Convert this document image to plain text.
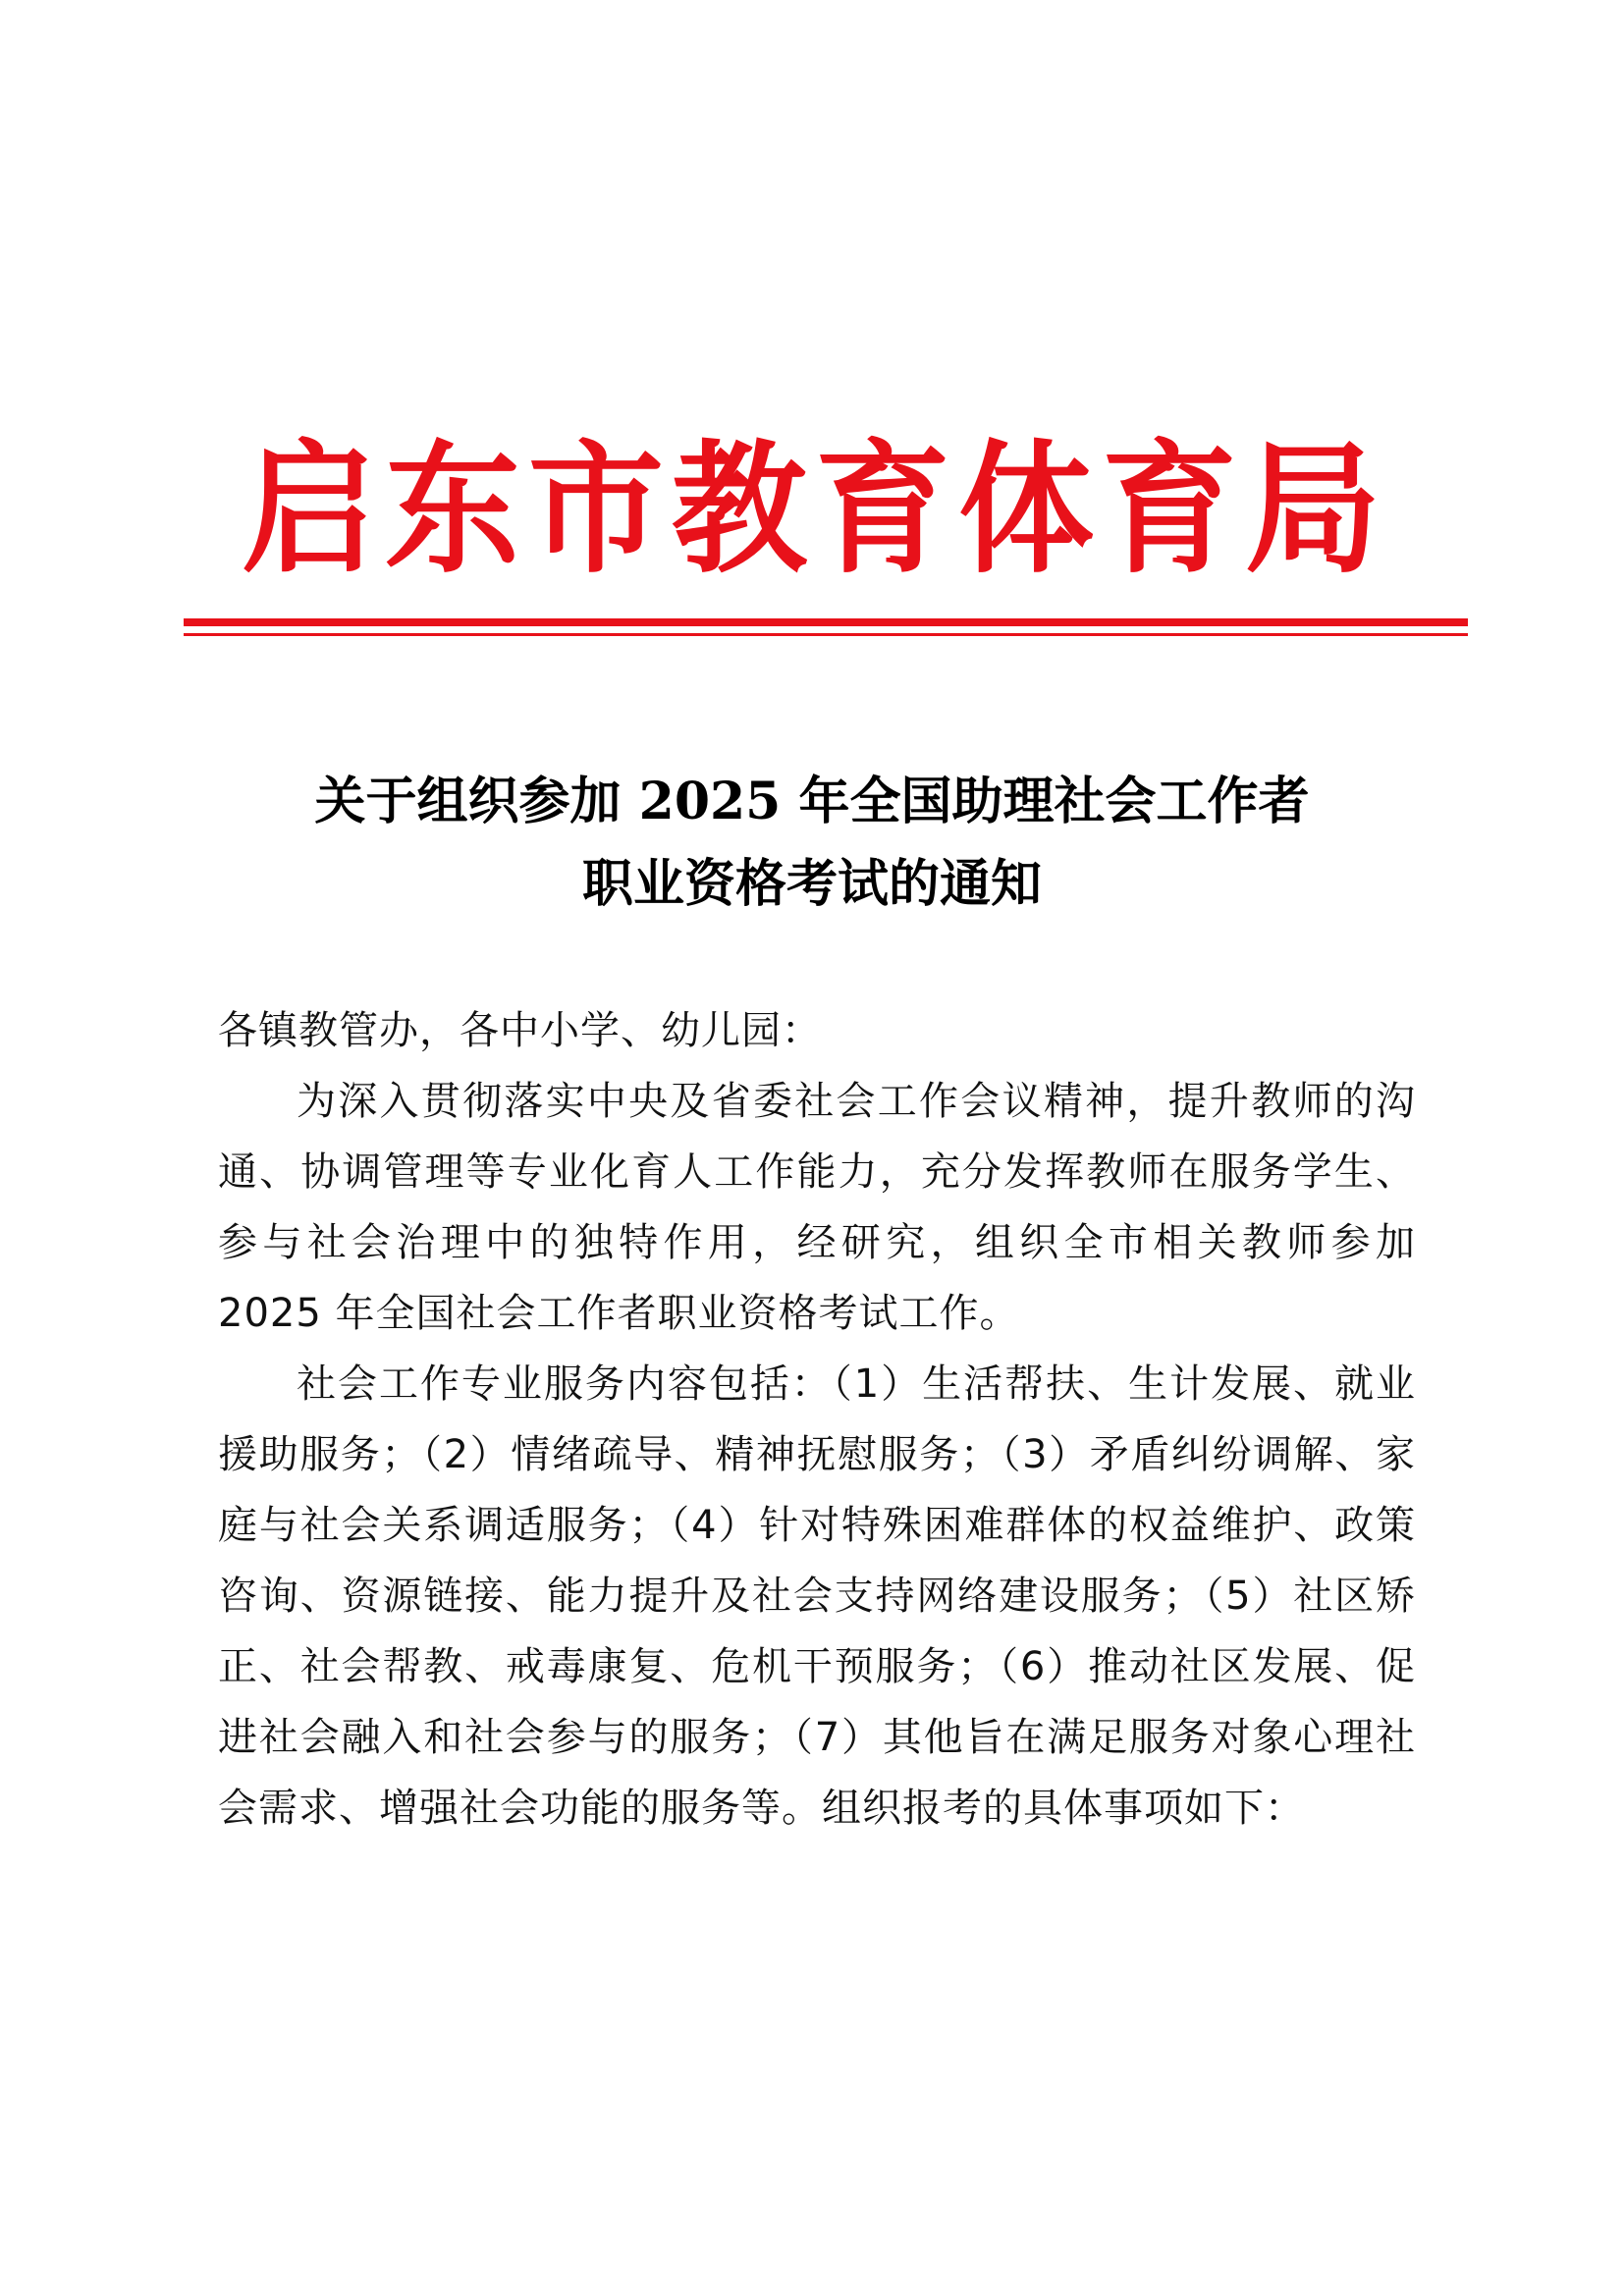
启东市教育体育局
关于组织参加 2025 年全国助理社会工作者
职业资格考试的通知

各镇教管办，各中小学、幼儿园：

为深入贯彻落实中央及省委社会工作会议精神，提升教师的沟通、协调管理等专业化育人工作能力，充分发挥教师在服务学生、参与社会治理中的独特作用，经研究，组织全市相关教师参加 2025 年全国社会工作者职业资格考试工作。

社会工作专业服务内容包括：（1）生活帮扶、生计发展、就业援助服务；（2）情绪疏导、精神抚慰服务；（3）矛盾纠纷调解、家庭与社会关系调适服务；（4）针对特殊困难群体的权益维护、政策咨询、资源链接、能力提升及社会支持网络建设服务；（5）社区矫正、社会帮教、戒毒康复、危机干预服务；（6）推动社区发展、促进社会融入和社会参与的服务；（7）其他旨在满足服务对象心理社会需求、增强社会功能的服务等。组织报考的具体事项如下：
